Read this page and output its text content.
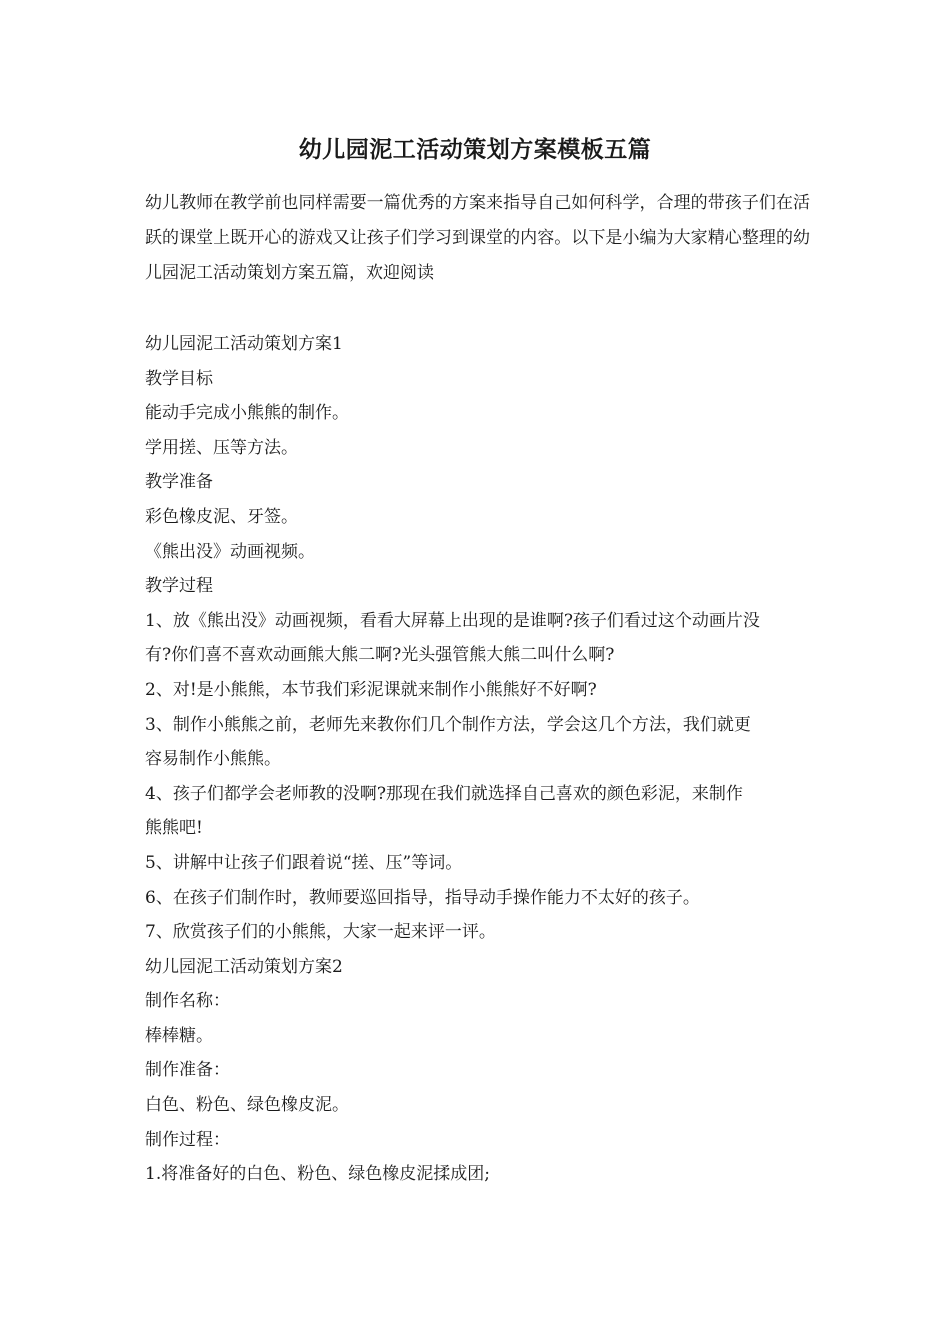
幼儿园泥工活动策划方案模板五篇

幼儿教师在教学前也同样需要一篇优秀的方案来指导自己如何科学，合理的带孩子们在活跃的课堂上既开心的游戏又让孩子们学习到课堂的内容。以下是小编为大家精心整理的幼儿园泥工活动策划方案五篇，欢迎阅读

幼儿园泥工活动策划方案1
教学目标
能动手完成小熊熊的制作。
学用搓、压等方法。
教学准备
彩色橡皮泥、牙签。
《熊出没》动画视频。
教学过程
1、放《熊出没》动画视频，看看大屏幕上出现的是谁啊?孩子们看过这个动画片没
有?你们喜不喜欢动画熊大熊二啊?光头强管熊大熊二叫什么啊?
2、对!是小熊熊，本节我们彩泥课就来制作小熊熊好不好啊?
3、制作小熊熊之前，老师先来教你们几个制作方法，学会这几个方法，我们就更
容易制作小熊熊。
4、孩子们都学会老师教的没啊?那现在我们就选择自己喜欢的颜色彩泥，来制作
熊熊吧!
5、讲解中让孩子们跟着说“搓、压”等词。
6、在孩子们制作时，教师要巡回指导，指导动手操作能力不太好的孩子。
7、欣赏孩子们的小熊熊，大家一起来评一评。
幼儿园泥工活动策划方案2
制作名称：
棒棒糖。
制作准备：
白色、粉色、绿色橡皮泥。
制作过程：
1.将准备好的白色、粉色、绿色橡皮泥揉成团;
